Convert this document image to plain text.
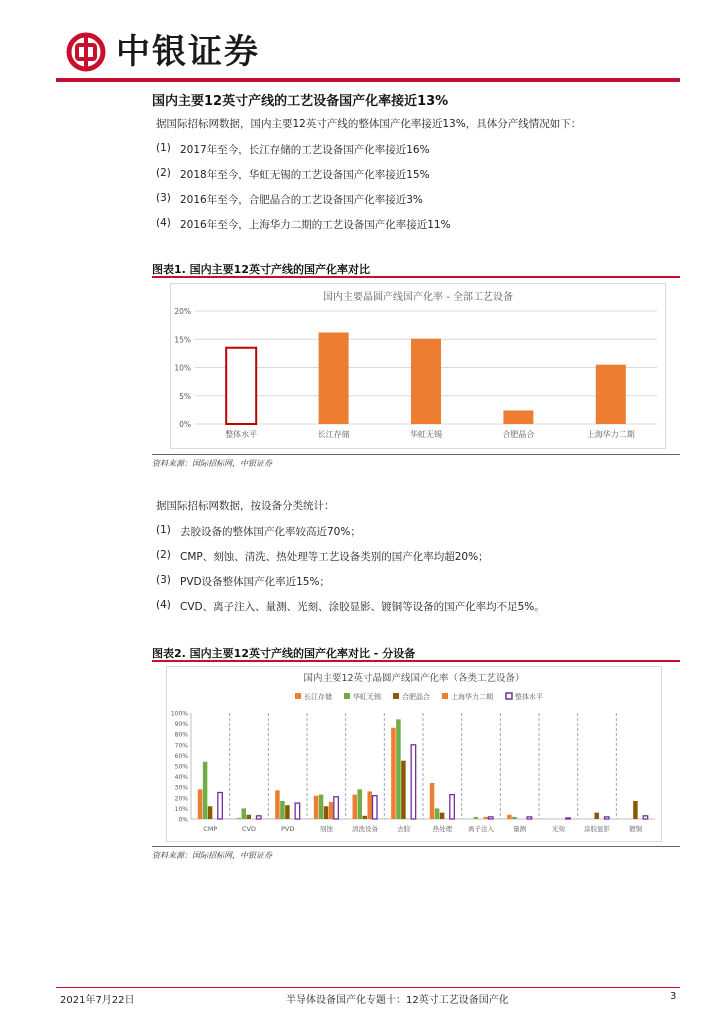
中银证券
国内主要12英寸产线的工艺设备国产化率接近13%
据国际招标网数据，国内主要12英寸产线的整体国产化率接近13%，具体分产线情况如下：
(1) 2017年至今，长江存储的工艺设备国产化率接近16%
(2) 2018年至今，华虹无锡的工艺设备国产化率接近15%
(3) 2016年至今，合肥晶合的工艺设备国产化率接近3%
(4) 2016年至今，上海华力二期的工艺设备国产化率接近11%
图表1. 国内主要12英寸产线的国产化率对比
国内主要晶圆产线国产化率 - 全部工艺设备
0%
5%
10%
15%
20%
整体水平	长江存储	华虹无锡	合肥晶合	上海华力二期
资料来源：国际招标网，中银证券
据国际招标网数据，按设备分类统计：
(1) 去胶设备的整体国产化率较高近70%；
(2) CMP、刻蚀、清洗、热处理等工艺设备类别的国产化率均超20%；
(3) PVD设备整体国产化率近15%；
(4) CVD、离子注入、量测、光刻、涂胶显影、镀铜等设备的国产化率均不足5%。
图表2. 国内主要12英寸产线的国产化率对比 - 分设备
国内主要12英寸晶圆产线国产化率（各类工艺设备）
长江存储	华虹无锡	合肥晶合	上海华力二期	整体水平
0%
10%
20%
30%
40%
50%
60%
70%
80%
90%
100%
CMP	CVD	PVD	刻蚀	清洗设备	去胶	热处理 离子注入	量测	光刻	涂胶显影	镀铜
资料来源：国际招标网，中银证券
2021年7月22日	半导体设备国产化专题十：12英寸工艺设备国产化	3
